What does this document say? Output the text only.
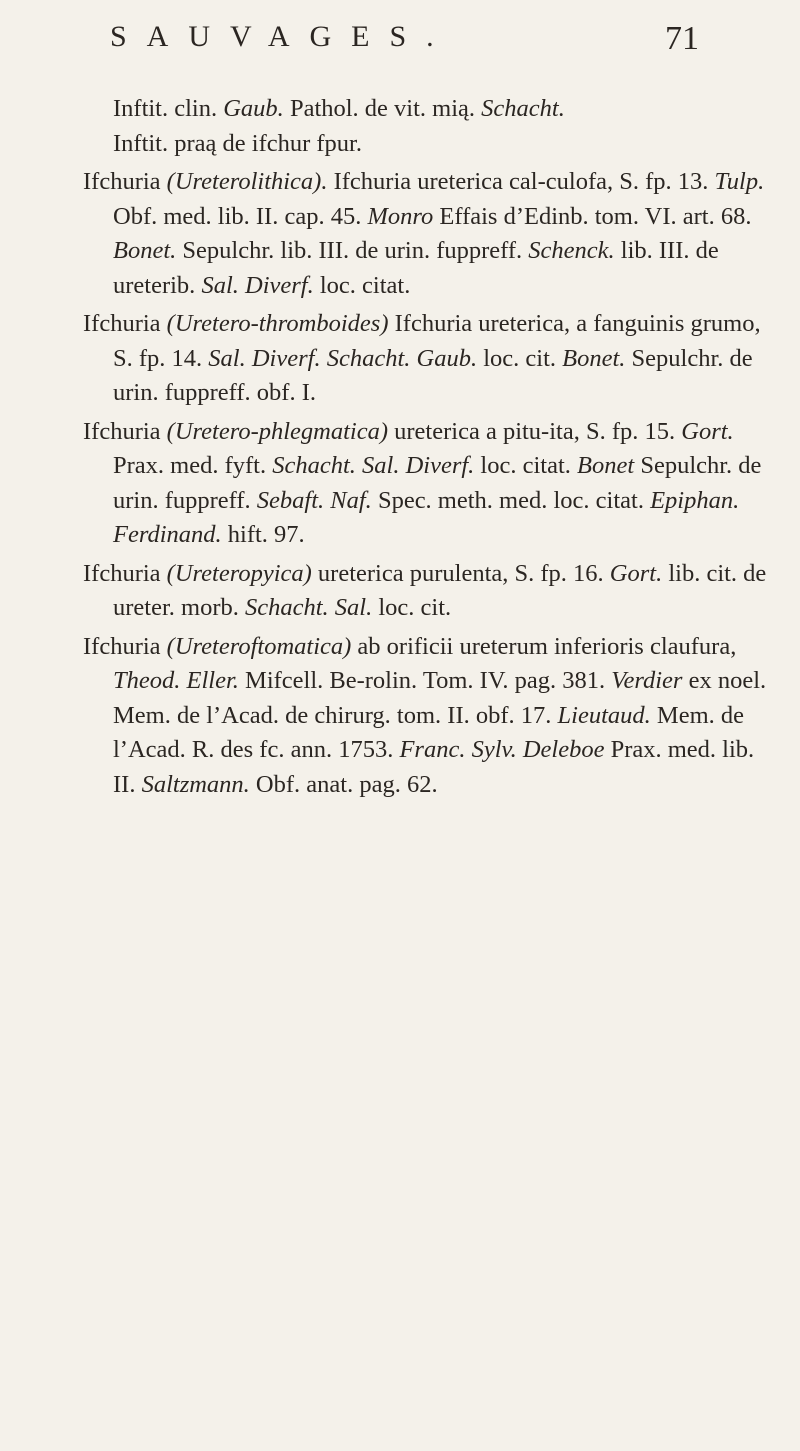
SAUVAGES.	71

Inftit. clin. Gaub. Pathol. de vit. mią. Schacht.
Inftit. praą de ifchur fpur.

Ifchuria (Ureterolithica). Ifchuria ureterica cal-culofa, S. fp. 13. Tulp. Obf. med. lib. II. cap. 45. Monro Effais d’Edinb. tom. VI. art. 68. Bonet. Sepulchr. lib. III. de urin. fuppreff. Schenck. lib. III. de ureterib. Sal. Diverf. loc. citat.

Ifchuria (Uretero-thromboides) Ifchuria ureterica, a fanguinis grumo, S. fp. 14. Sal. Diverf. Schacht. Gaub. loc. cit. Bonet. Sepulchr. de urin. fuppreff. obf. I.

Ifchuria (Uretero-phlegmatica) ureterica a pitu-ita, S. fp. 15. Gort. Prax. med. fyft. Schacht. Sal. Diverf. loc. citat. Bonet Sepulchr. de urin. fuppreff. Sebaft. Naf. Spec. meth. med. loc. citat. Epiphan. Ferdinand. hift. 97.

Ifchuria (Ureteropyica) ureterica purulenta, S. fp. 16. Gort. lib. cit. de ureter. morb. Schacht. Sal. loc. cit.

Ifchuria (Ureteroftomatica) ab orificii ureterum inferioris claufura, Theod. Eller. Mifcell. Be-rolin. Tom. IV. pag. 381. Verdier ex noel. Mem. de l’Acad. de chirurg. tom. II. obf. 17. Lieutaud. Mem. de l’Acad. R. des fc. ann. 1753. Franc. Sylv. Deleboe Prax. med. lib. II. Saltzmann. Obf. anat. pag. 62.
